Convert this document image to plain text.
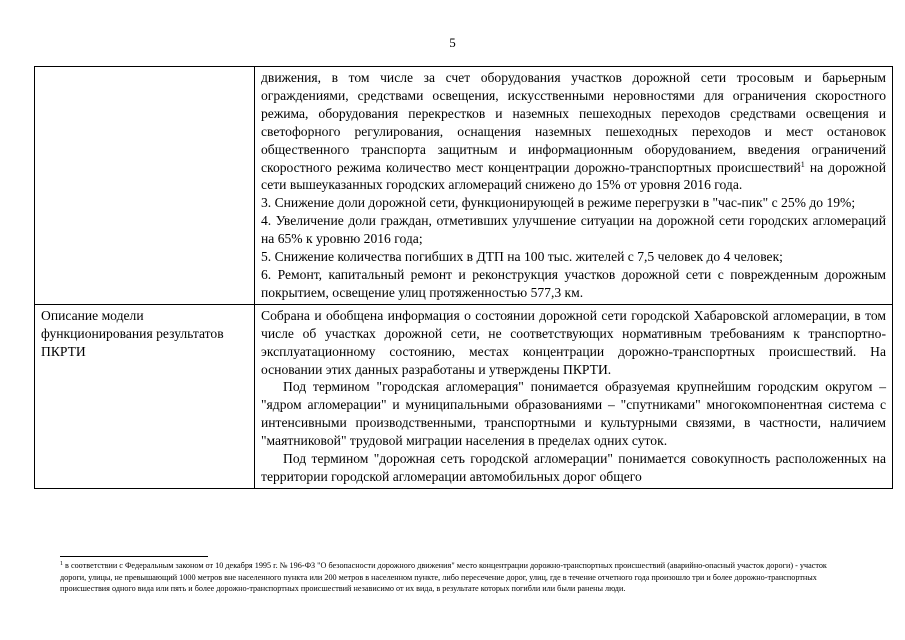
5

	движения, в том числе за счет оборудования участков дорожной сети тросовым и барьерным ограждениями, средствами освещения, искусственными неровностями для ограничения скоростного режима, оборудования перекрестков и наземных пешеходных переходов средствами освещения и светофорного регулирования, оснащения наземных пешеходных переходов и мест остановок общественного транспорта защитным и информационным оборудованием, введения ограничений скоростного режима количество мест концентрации дорожно-транспортных происшествий$^1$ на дорожной сети вышеуказанных городских агломераций снижено до 15% от уровня 2016 года.

3. Снижение доли дорожной сети, функционирующей в режиме перегрузки в "час-пик" с 25% до 19%;

4. Увеличение доли граждан, отметивших улучшение ситуации на дорожной сети городских агломераций на 65% к уровню 2016 года;

5. Снижение количества погибших в ДТП на 100 тыс. жителей с 7,5 человек до 4 человек;

6. Ремонт, капитальный ремонт и реконструкция участков дорожной сети с поврежденным дорожным покрытием, освещение улиц протяженностью 577,3 км.

Описание модели функционирования результатов ПКРТИ	Собрана и обобщена информация о состоянии дорожной сети городской Хабаровской агломерации, в том числе об участках дорожной сети, не соответствующих нормативным требованиям к транспортно-эксплуатационному состоянию, местах концентрации дорожно-транспортных происшествий. На основании этих данных разработаны и утверждены ПКРТИ.

Под термином "городская агломерация" понимается образуемая крупнейшим городским округом – "ядром агломерации" и муниципальными образованиями – "спутниками" многокомпонентная система с интенсивными производственными, транспортными и культурными связями, в частности, наличием "маятниковой" трудовой миграции населения в пределах одних суток.

Под термином "дорожная сеть городской агломерации" понимается совокупность расположенных на территории городской агломерации автомобильных дорог общего

$^1$ в соответствии с Федеральным законом от 10 декабря 1995 г. № 196-ФЗ "О безопасности дорожного движения" место концентрации дорожно-транспортных происшествий (аварийно-опасный участок дороги) - участок дороги, улицы, не превышающий 1000 метров вне населенного пункта или 200 метров в населенном пункте, либо пересечение дорог, улиц, где в течение отчетного года произошло три и более дорожно-транспортных происшествия одного вида или пять и более дорожно-транспортных происшествий независимо от их вида, в результате которых погибли или были ранены люди.
